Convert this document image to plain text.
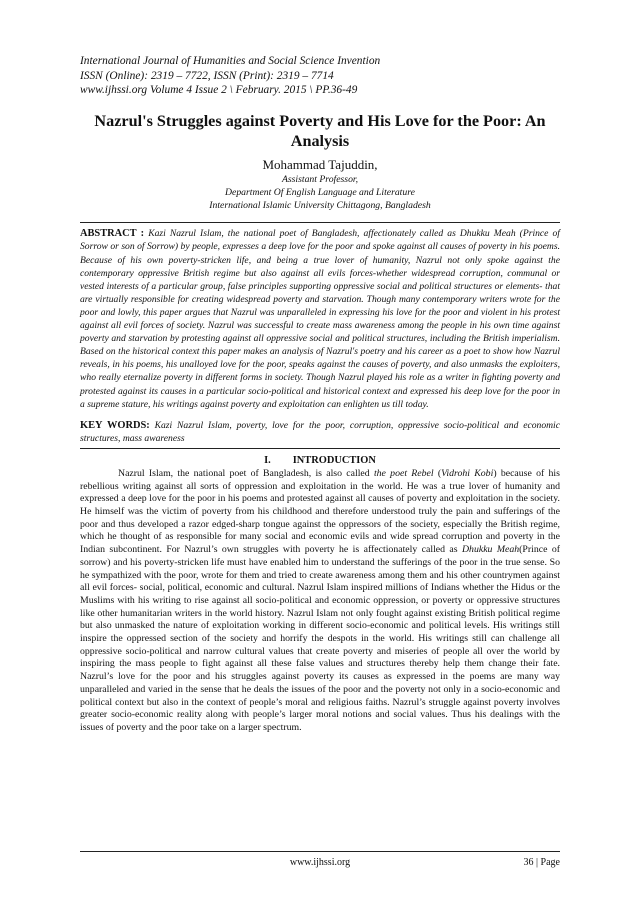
International Journal of Humanities and Social Science Invention
ISSN (Online): 2319 – 7722, ISSN (Print): 2319 – 7714
www.ijhssi.org Volume 4 Issue 2 \ February. 2015 \ PP.36-49
Nazrul's Struggles against Poverty and His Love for the Poor: An Analysis
Mohammad Tajuddin,
Assistant Professor,
Department Of English Language and Literature
International Islamic University Chittagong, Bangladesh
ABSTRACT : Kazi Nazrul Islam, the national poet of Bangladesh, affectionately called as Dhukku Meah (Prince of Sorrow or son of Sorrow) by people, expresses a deep love for the poor and spoke against all causes of poverty in his poems. Because of his own poverty-stricken life, and being a true lover of humanity, Nazrul not only spoke against the contemporary oppressive British regime but also against all evils forces-whether widespread corruption, communal or vested interests of a particular group, false principles supporting oppressive social and political structures or elements- that are virtually responsible for creating widespread poverty and starvation. Though many contemporary writers wrote for the poor and lowly, this paper argues that Nazrul was unparalleled in expressing his love for the poor and violent in his protest against all evil forces of society. Nazrul was successful to create mass awareness among the people in his own time against poverty and starvation by protesting against all oppressive social and political structures, including the British imperialism. Based on the historical context this paper makes an analysis of Nazrul's poetry and his career as a poet to show how Nazrul reveals, in his poems, his unalloyed love for the poor, speaks against the causes of poverty, and also unmasks the exploiters, who really eternalize poverty in different forms in society. Though Nazrul played his role as a writer in fighting poverty and protested against its causes in a particular socio-political and historical context and expressed his deep love for the poor in a supreme stature, his writings against poverty and exploitation can enlighten us till today.
KEY WORDS: Kazi Nazrul Islam, poverty, love for the poor, corruption, oppressive socio-political and economic structures, mass awareness
I. INTRODUCTION

Nazrul Islam, the national poet of Bangladesh, is also called the poet Rebel (Vidrohi Kobi) because of his rebellious writing against all sorts of oppression and exploitation in the world. He was a true lover of humanity and expressed a deep love for the poor in his poems and protested against all causes of poverty and exploitation in the society. He himself was the victim of poverty from his childhood and therefore understood truly the pain and sufferings of the poor and thus developed a razor edged-sharp tongue against the oppressors of the society, especially the British regime, which he thought of as responsible for many social and economic evils and wide spread corruption and poverty in the Indian subcontinent. For Nazrul’s own struggles with poverty he is affectionately called as Dhukku Meah(Prince of sorrow) and his poverty-stricken life must have enabled him to understand the sufferings of the poor in the true sense. So he sympathized with the poor, wrote for them and tried to create awareness among them and his other countrymen against all evil forces- social, political, economic and cultural. Nazrul Islam inspired millions of Indians whether the Hidus or the Muslims with his writing to rise against all socio-political and economic oppression, or poverty or oppressive structures like other humanitarian writers in the world history. Nazrul Islam not only fought against existing British political regime but also unmasked the nature of exploitation working in different socio-economic and political levels. His writings still inspire the oppressed section of the society and horrify the despots in the world. His writings still can challenge all oppressive socio-political and narrow cultural values that create poverty and miseries of people all over the world by inspiring the mass people to fight against all these false values and structures thereby help them change their fate. Nazrul’s love for the poor and his struggles against poverty its causes as expressed in the poems are many way unparalleled and varied in the sense that he deals the issues of the poor and the poverty not only in a socio-economic and political context but also in the context of people’s moral and religious faiths. Nazrul’s struggle against poverty involves greater socio-economic reality along with people’s larger moral notions and social values. Thus his dealings with the issues of poverty and the poor take on a larger spectrum.

www.ijhssi.org	36 | Page
